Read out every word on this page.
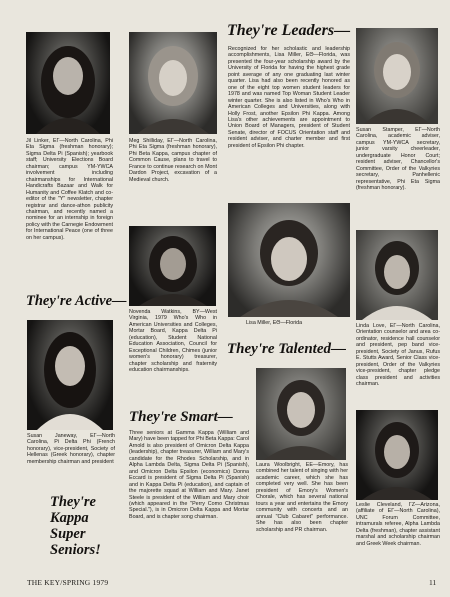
They're Leaders—

Jil Linker, ΕΓ—North Carolina, Phi Eta Sigma (freshman honorary); Sigma Delta Pi (Spanish); yearbook staff; University Elections Board chairman; campus YM-YWCA involvement including chairmanships for International Handicrafts Bazaar and Walk for Humanity and Coffee Klatch and co-editor of the "Y" newsletter, chapter registrar and dance-athon publicity chairman, and recently named a nominee for an internship in foreign policy with the Carnegie Endowment for International Peace (one of three on her campus).

Meg Shilliday, ΕΓ—North Carolina, Phi Eta Sigma (freshman honorary), Phi Beta Kappa, campus chapter of Common Cause, plans to travel to France to continue research on Mont Dardon Project, excavation of a Medieval church.

Recognized for her scholastic and leadership accomplishments, Lisa Miller, ΕΘ—Florida, was presented the four-year scholarship award by the University of Florida for having the highest grade point average of any one graduating last winter quarter. Lisa had also been recently honored as one of the eight top women student leaders for 1978 and was named Top Woman Student Leader winter quarter. She is also listed in Who's Who in American Colleges and Universities, along with Holly Frost, another Epsilon Phi Kappa. Among Lisa's other achievements are appointment to Union Board of Managers, president of Student Senate, director of FOCUS Orientation staff and resident adviser, and charter member and first president of Epsilon Phi chapter.

Susan Stamper, ΕΓ—North Carolina, academic adviser, campus YM-YWCA secretary, junior varsity cheerleader, undergraduate Honor Court; resident adviser, Chancellor's Committee, Order of the Valkyries secretary, Panhellenic representative, Phi Eta Sigma (freshman honorary).

They're Active—

Novenda Watkins, ΒΥ—West Virginia, 1979 Who's Who in American Universities and Colleges, Mortar Board, Kappa Delta Pi (education), Student National Education Association, Council for Exceptional Children, Chimes (junior women's honorary) treasurer, chapter scholarship and fraternity education chairmanships.

Lisa Miller, ΕΘ—Florida	Linda Love, ΕΓ—North Carolina, Orientation counselor and area co-ordinator, residence hall counselor and president, pep band vice-president, Society of Janus, Rufus E. Stutts Award, Senior Class vice-president, Order of the Valkyries vice-president, chapter pledge class president and activities chairman.

They're Talented—

They're Smart—

Susan Janeway, ΕΓ—North Carolina, Pi Delta Phi (French honorary), vice-president, Society of Hellenas (Greek honorary), chapter membership chairman and president

Three seniors at Gamma Kappa (William and Mary) have been tapped for Phi Beta Kappa: Carol Arnold is also president of Omicron Delta Kappa (leadership), chapter treasurer, William and Mary's candidate for the Rhodes Scholarship, and in Alpha Lambda Delta, Sigma Delta Pi (Spanish), and Omicron Delta Epsilon (economics) Donna Eccard is president of Sigma Delta Pi (Spanish) and in Kappa Delta Pi (education), and captain of the majorette squad at William and Mary. Janet Steele is president of the William and Mary choir (which appeared in the "Perry Como Christmas Special."), is in Omicron Delta Kappa and Mortar Board, and is chapter song chairman.

Laura Woolbright, ΕΕ—Emory, has combined her talent of singing with her academic career, which she has completed very well. She has been president of Emory's Women's Chorale, which has several national tours a year and entertains the Emory community with concerts and an annual "Club Cabaret" performance. She has also been chapter scholarship and PR chairman.

Leslie Cleveland, ΓΖ—Arizona, (affiliate of ΕΓ—North Carolina), UNC Forum Committee, intramurals referee, Alpha Lambda Delta (freshman), chapter assistant marshal and scholarship chairman and Greek Week chairman.

They're

Kappa

Super

Seniors!

THE KEY/SPRING 1979	11
